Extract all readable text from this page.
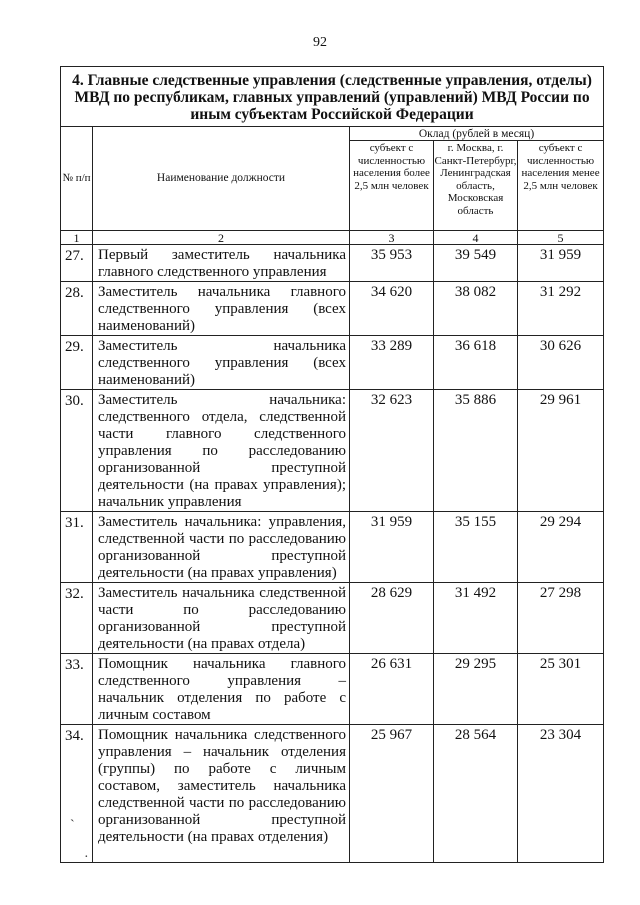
92
4. Главные следственные управления (следственные управления, отделы) МВД по республикам, главных управлений (управлений) МВД России по иным субъектам Российской Федерации				
№ п/п	Наименование должности	Оклад (рублей в месяц)		
		субъект с численностью населения более 2,5 млн человек	г. Москва, г. Санкт-Петербург, Ленинградская область, Московская область	субъект с численностью населения менее 2,5 млн человек
1	2	3	4	5
27.	Первый заместитель начальника главного следственного управления	35 953	39 549	31 959
28.	Заместитель начальника главного следственного управления (всех наименований)	34 620	38 082	31 292
29.	Заместитель начальника следственного управления (всех наименований)	33 289	36 618	30 626
30.	Заместитель начальника: следственного отдела, следственной части главного следственного управления по расследованию организованной преступной деятельности (на правах управления); начальник управления	32 623	35 886	29 961
31.	Заместитель начальника: управления, следственной части по расследованию организованной преступной деятельности (на правах управления)	31 959	35 155	29 294
32.	Заместитель начальника следственной части по расследованию организованной преступной деятельности (на правах отдела)	28 629	31 492	27 298
33.	Помощник начальника главного следственного управления – начальник отделения по работе с личным составом	26 631	29 295	25 301
34.	Помощник начальника следственного управления – начальник отделения (группы) по работе с личным составом, заместитель начальника следственной части по расследованию организованной преступной деятельности (на правах отделения)	25 967	28 564	23 304
`
·
